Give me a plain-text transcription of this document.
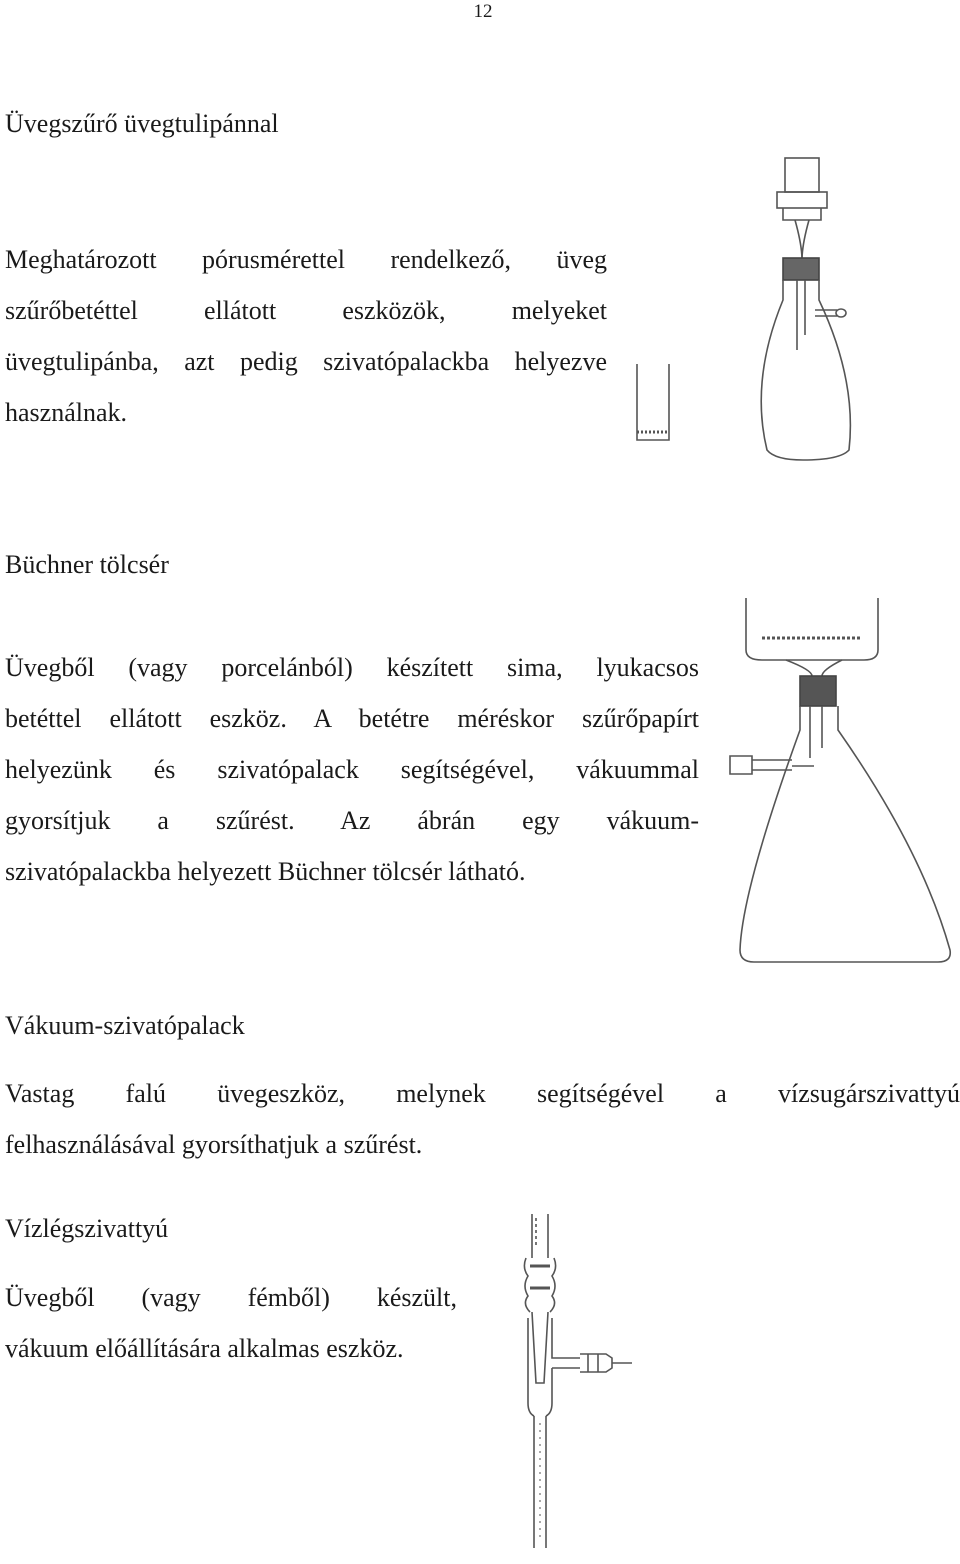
12
Üvegszűrő üvegtulipánnal
Meghatározott pórusmérettel rendelkező, üveg
szűrőbetéttel ellátott eszközök, melyeket
üvegtulipánba, azt pedig szivatópalackba helyezve
használnak.
Büchner tölcsér
Üvegből (vagy porcelánból) készített sima, lyukacsos
betéttel ellátott eszköz. A betétre méréskor szűrőpapírt
helyezünk és szivatópalack segítségével, vákuummal
gyorsítjuk a szűrést. Az ábrán egy vákuum-
szivatópalackba helyezett Büchner tölcsér látható.
Vákuum-szivatópalack
Vastag falú üvegeszköz, melynek segítségével a vízsugárszivattyú
felhasználásával gyorsíthatjuk a szűrést.
Vízlégszivattyú
Üvegből (vagy fémből) készült,
vákuum előállítására alkalmas eszköz.
